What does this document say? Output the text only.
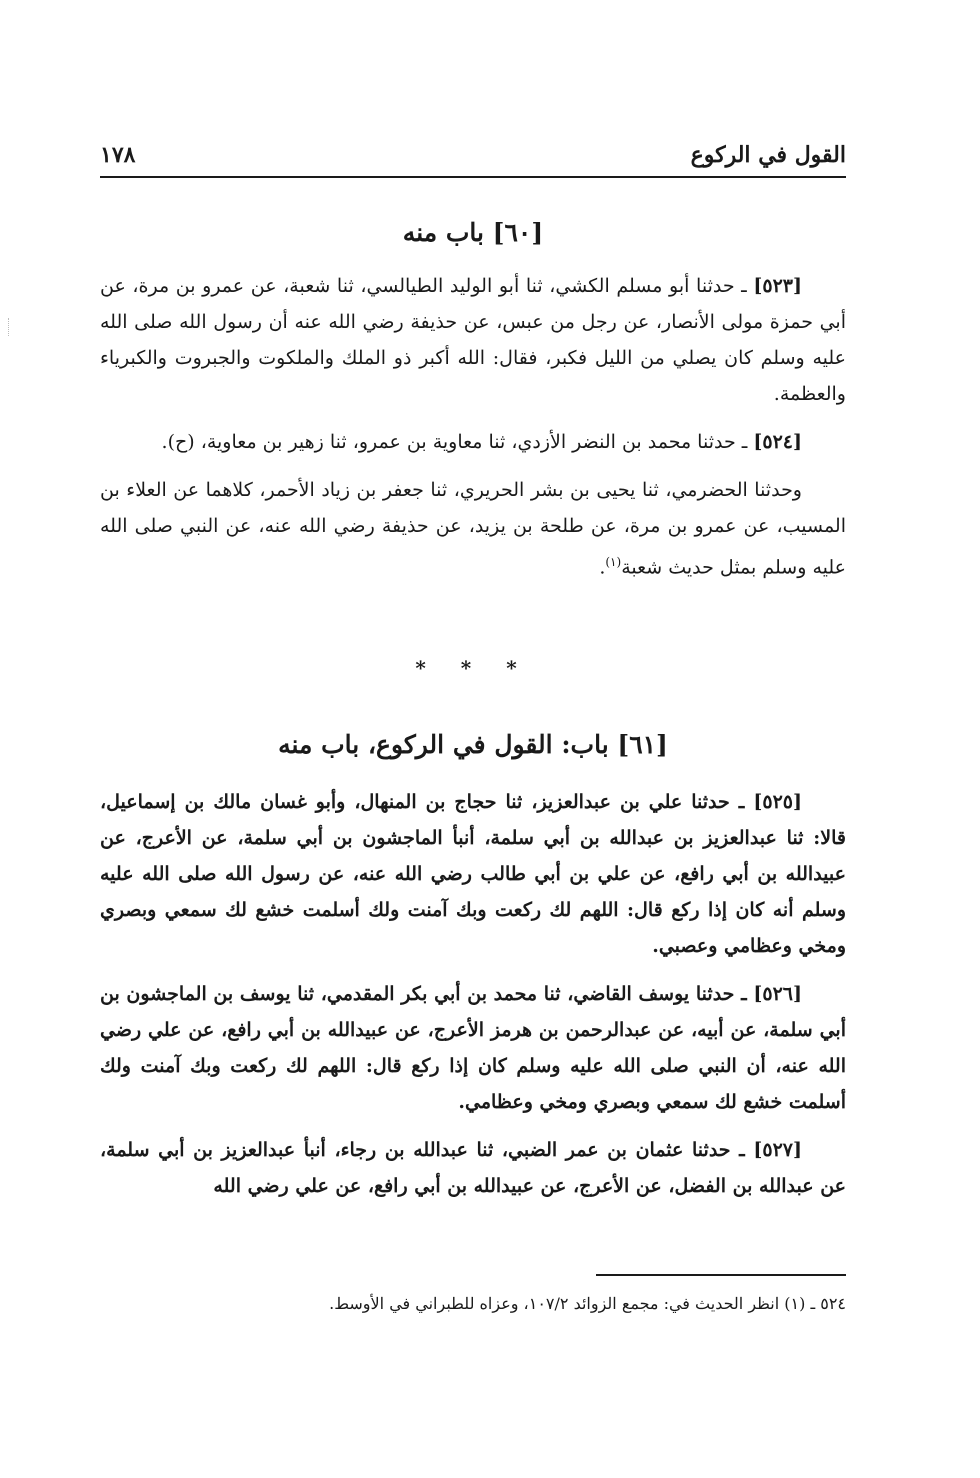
القول في الركوع
١٧٨
[٦٠] باب منه

[٥٢٣] ـ حدثنا أبو مسلم الكشي، ثنا أبو الوليد الطيالسي، ثنا شعبة، عن عمرو بن مرة، عن أبي حمزة مولى الأنصار، عن رجل من عبس، عن حذيفة رضي الله عنه أن رسول الله صلى الله عليه وسلم كان يصلي من الليل فكبر، فقال: الله أكبر ذو الملك والملكوت والجبروت والكبرياء والعظمة.

[٥٢٤] ـ حدثنا محمد بن النضر الأزدي، ثنا معاوية بن عمرو، ثنا زهير بن معاوية، (ح).

وحدثنا الحضرمي، ثنا يحيى بن بشر الحريري، ثنا جعفر بن زياد الأحمر، كلاهما عن العلاء بن المسيب، عن عمرو بن مرة، عن طلحة بن يزيد، عن حذيفة رضي الله عنه، عن النبي صلى الله عليه وسلم بمثل حديث شعبة$^{(١)}$.

* * *
[٦١] باب: القول في الركوع، باب منه

[٥٢٥] ـ حدثنا علي بن عبدالعزيز، ثنا حجاج بن المنهال، وأبو غسان مالك بن إسماعيل، قالا: ثنا عبدالعزيز بن عبدالله بن أبي سلمة، أنبأ الماجشون بن أبي سلمة، عن الأعرج، عن عبيدالله بن أبي رافع، عن علي بن أبي طالب رضي الله عنه، عن رسول الله صلى الله عليه وسلم أنه كان إذا ركع قال: اللهم لك ركعت وبك آمنت ولك أسلمت خشع لك سمعي وبصري ومخي وعظامي وعصبي.

[٥٢٦] ـ حدثنا يوسف القاضي، ثنا محمد بن أبي بكر المقدمي، ثنا يوسف بن الماجشون بن أبي سلمة، عن أبيه، عن عبدالرحمن بن هرمز الأعرج، عن عبيدالله بن أبي رافع، عن علي رضي الله عنه، أن النبي صلى الله عليه وسلم كان إذا ركع قال: اللهم لك ركعت وبك آمنت ولك أسلمت خشع لك سمعي وبصري ومخي وعظامي.

[٥٢٧] ـ حدثنا عثمان بن عمر الضبي، ثنا عبدالله بن رجاء، أنبأ عبدالعزيز بن أبي سلمة، عن عبدالله بن الفضل، عن الأعرج، عن عبيدالله بن أبي رافع، عن علي رضي الله

٥٢٤ ـ (١) انظر الحديث في: مجمع الزوائد ١٠٧/٢، وعزاه للطبراني في الأوسط.
